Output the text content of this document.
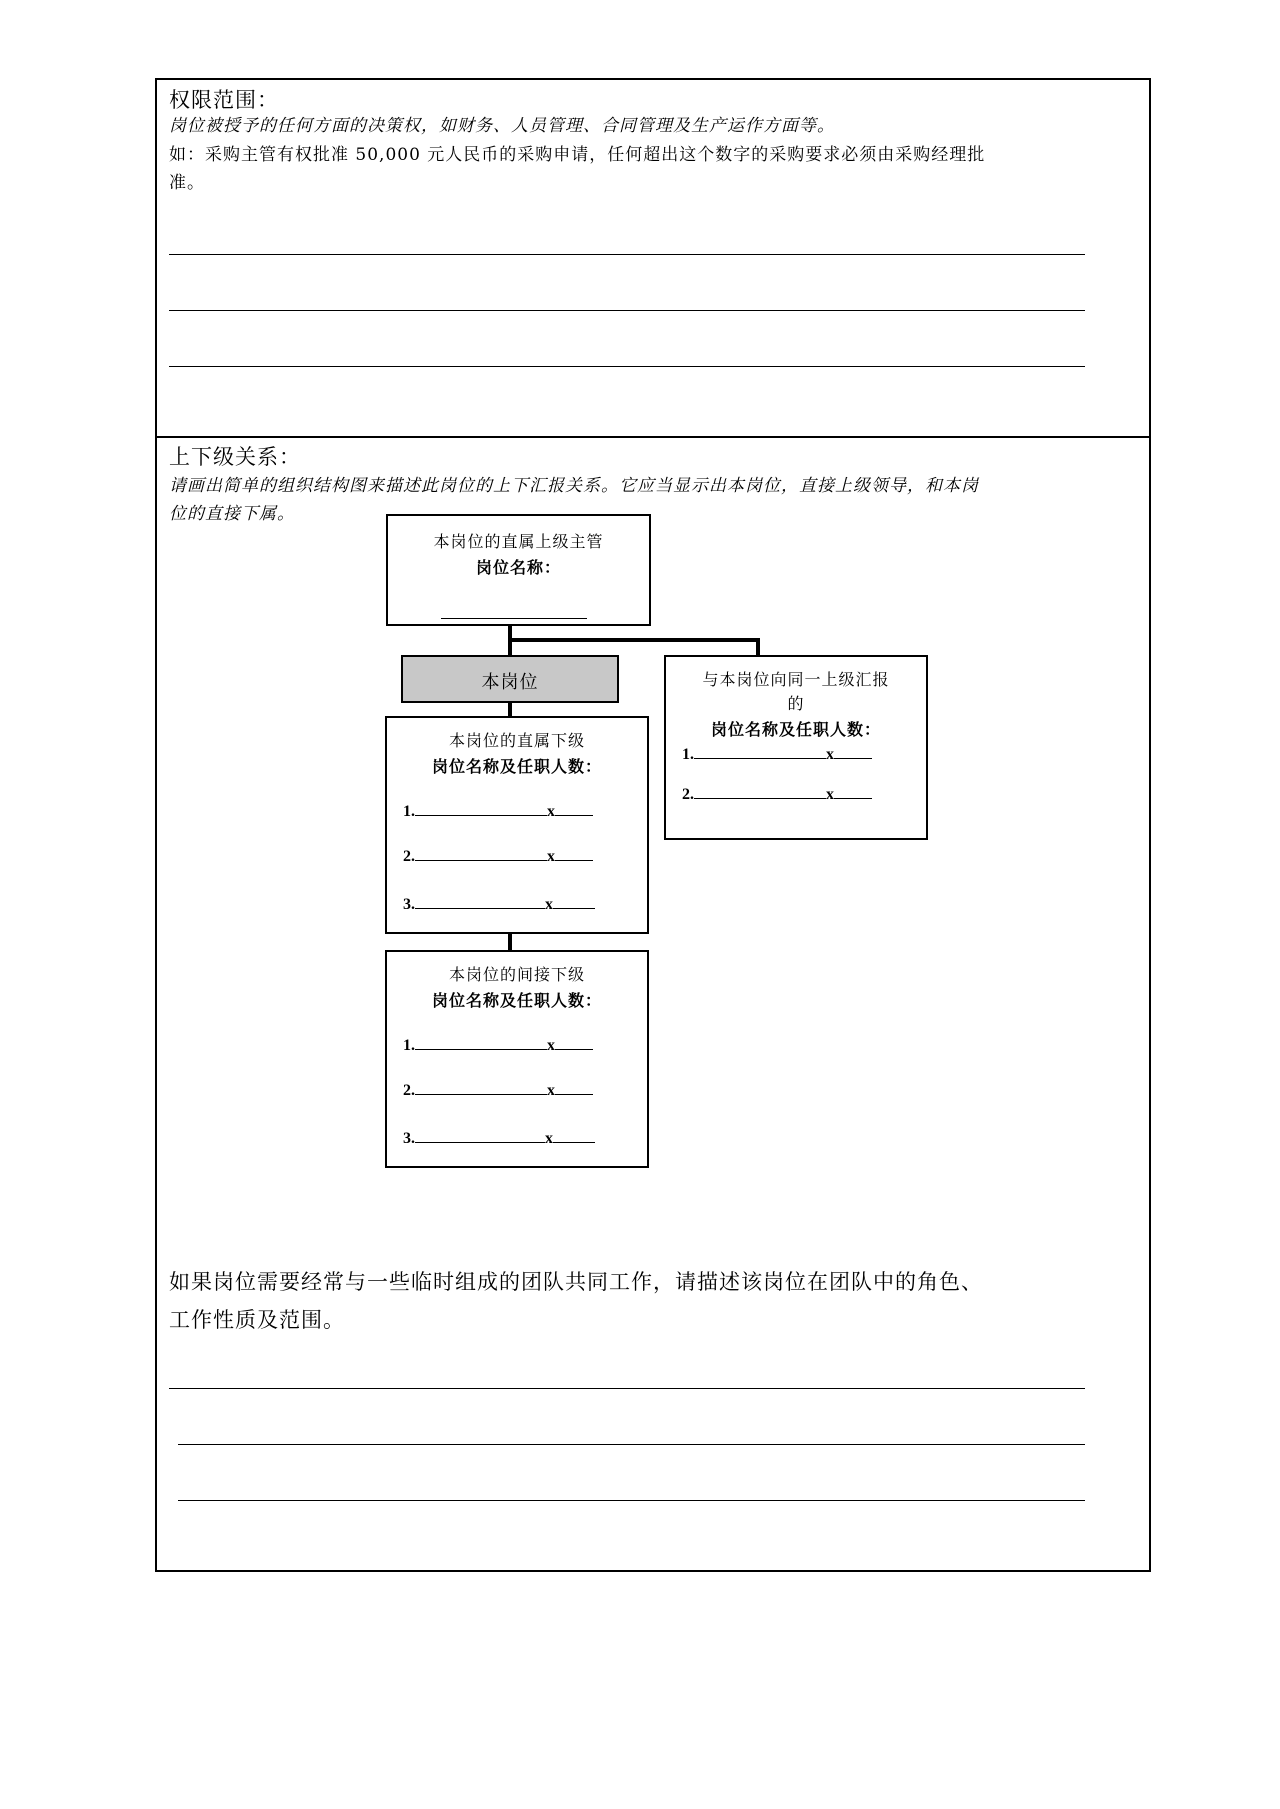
权限范围：
岗位被授予的任何方面的决策权，如财务、人员管理、合同管理及生产运作方面等。
如：采购主管有权批准 50,000 元人民币的采购申请，任何超出这个数字的采购要求必须由采购经理批
准。
上下级关系：
请画出简单的组织结构图来描述此岗位的上下汇报关系。它应当显示出本岗位，直接上级领导，和本岗
位的直接下属。
本岗位的直属上级主管
岗位名称：
本岗位	与本岗位向同一上级汇报
的
岗位名称及任职人数：
1.	x
2.	x
本岗位的直属下级
岗位名称及任职人数：
1.	x
2.	x
3.	x
本岗位的间接下级
岗位名称及任职人数：
1.	x
2.	x
3.	x
如果岗位需要经常与一些临时组成的团队共同工作，请描述该岗位在团队中的角色、
工作性质及范围。
